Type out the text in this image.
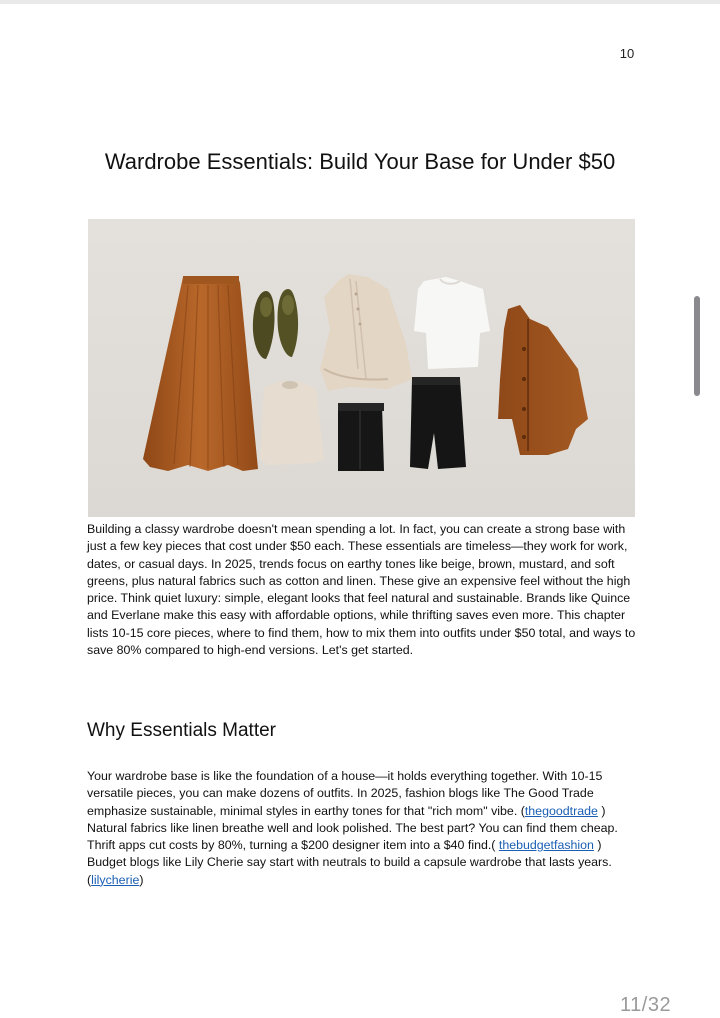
10
Wardrobe Essentials: Build Your Base for Under $50

Building a classy wardrobe doesn't mean spending a lot. In fact, you can create a strong base with just a few key pieces that cost under $50 each. These essentials are timeless—they work for work, dates, or casual days. In 2025, trends focus on earthy tones like beige, brown, mustard, and soft greens, plus natural fabrics such as cotton and linen. These give an expensive feel without the high price. Think quiet luxury: simple, elegant looks that feel natural and sustainable. Brands like Quince and Everlane make this easy with affordable options, while thrifting saves even more. This chapter lists 10-15 core pieces, where to find them, how to mix them into outfits under $50 total, and ways to save 80% compared to high-end versions. Let's get started.

Why Essentials Matter

Your wardrobe base is like the foundation of a house—it holds everything together. With 10-15 versatile pieces, you can make dozens of outfits. In 2025, fashion blogs like The Good Trade emphasize sustainable, minimal styles in earthy tones for that "rich mom" vibe. (thegoodtrade ) Natural fabrics like linen breathe well and look polished. The best part? You can find them cheap. Thrift apps cut costs by 80%, turning a $200 designer item into a $40 find.( thebudgetfashion ) Budget blogs like Lily Cherie say start with neutrals to build a capsule wardrobe that lasts years. (lilycherie)

11/32
